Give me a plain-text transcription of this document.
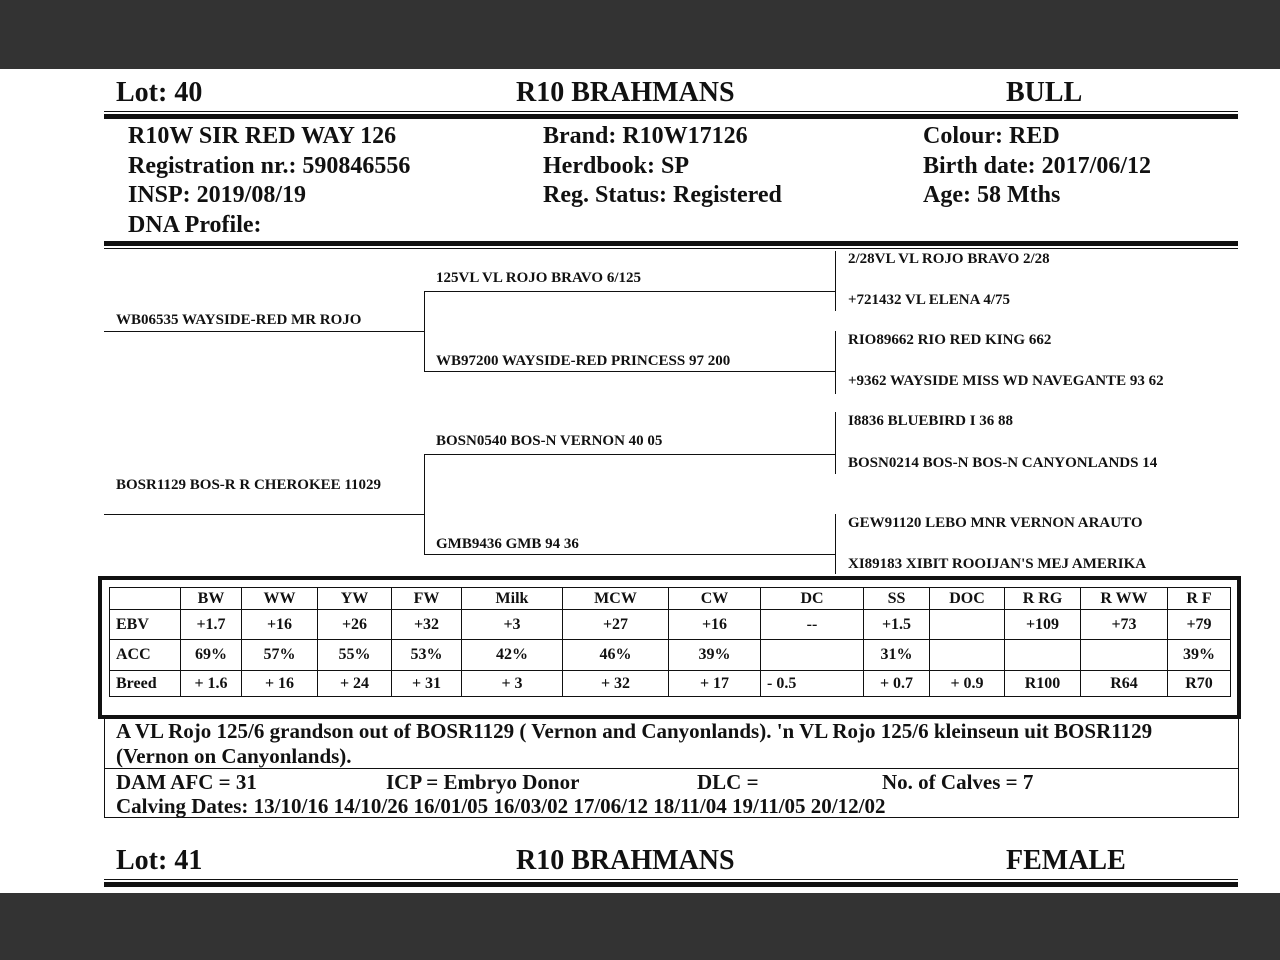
Lot: 40	R10 BRAHMANS	BULL
R10W SIR RED WAY 126
Registration nr.: 590846556
INSP: 2019/08/19
DNA Profile:
Brand: R10W17126
Herdbook: SP
Reg. Status: Registered
Colour: RED
Birth date: 2017/06/12
Age: 58 Mths
WB06535 WAYSIDE-RED MR ROJO
BOSR1129 BOS-R R CHEROKEE 11029
125VL VL ROJO BRAVO 6/125
WB97200 WAYSIDE-RED PRINCESS 97 200
BOSN0540 BOS-N VERNON 40 05
GMB9436 GMB 94 36
2/28VL VL ROJO BRAVO 2/28
+721432 VL ELENA 4/75
RIO89662 RIO RED KING 662
+9362 WAYSIDE MISS WD NAVEGANTE 93 62
I8836 BLUEBIRD I 36 88
BOSN0214 BOS-N BOS-N CANYONLANDS 14
GEW91120 LEBO MNR VERNON ARAUTO
XI89183 XIBIT ROOIJAN'S MEJ AMERIKA
	BW	WW	YW	FW	Milk	MCW	CW	DC	SS	DOC	R RG	R WW	R F
EBV	+1.7	+16	+26	+32	+3	+27	+16	--	+1.5		+109	+73	+79
ACC	69%	57%	55%	53%	42%	46%	39%		31%				39%
Breed	+ 1.6	+ 16	+ 24	+ 31	+ 3	+ 32	+ 17	- 0.5	+ 0.7	+ 0.9	R100	R64	R70
A VL Rojo 125/6 grandson out of BOSR1129 ( Vernon and Canyonlands). 'n VL Rojo 125/6 kleinseun uit BOSR1129
(Vernon on Canyonlands).
DAM AFC = 31	ICP = Embryo Donor	DLC =	No. of Calves = 7
Calving Dates: 13/10/16 14/10/26 16/01/05 16/03/02 17/06/12 18/11/04 19/11/05 20/12/02
Lot: 41	R10 BRAHMANS	FEMALE
